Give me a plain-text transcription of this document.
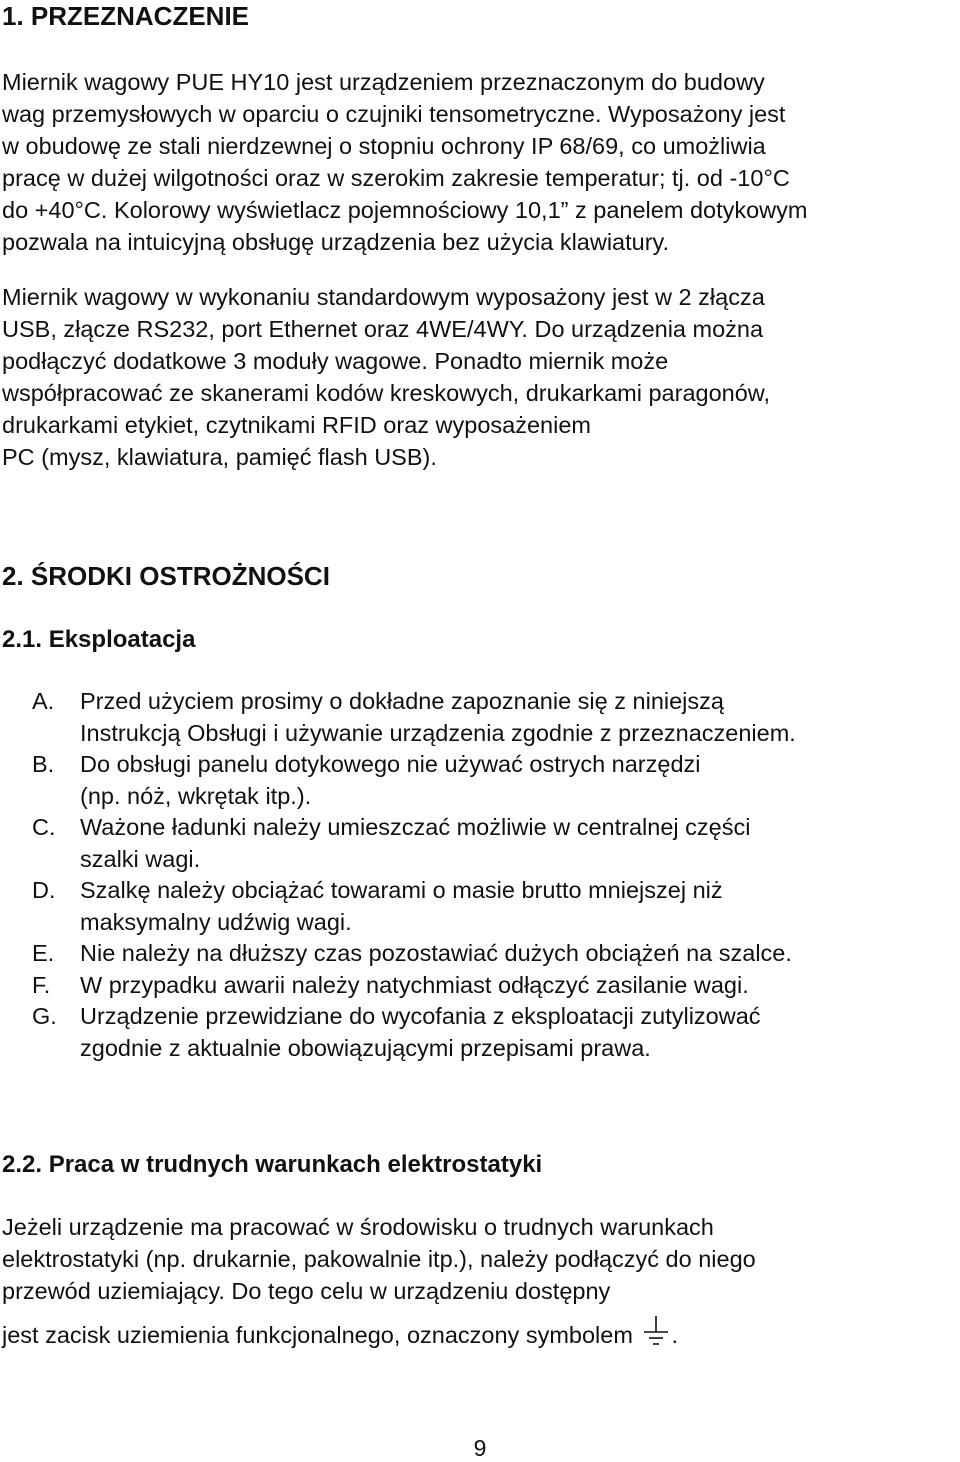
1. PRZEZNACZENIE
Miernik wagowy PUE HY10 jest urządzeniem przeznaczonym do budowy
wag przemysłowych w oparciu o czujniki tensometryczne. Wyposażony jest
w obudowę ze stali nierdzewnej o stopniu ochrony IP 68/69, co umożliwia
pracę w dużej wilgotności oraz w szerokim zakresie temperatur; tj. od -10°C
do +40°C. Kolorowy wyświetlacz pojemnościowy 10,1” z panelem dotykowym
pozwala na intuicyjną obsługę urządzenia bez użycia klawiatury.
Miernik wagowy w wykonaniu standardowym wyposażony jest w 2 złącza
USB, złącze RS232, port Ethernet oraz 4WE/4WY. Do urządzenia można
podłączyć dodatkowe 3 moduły wagowe. Ponadto miernik może
współpracować ze skanerami kodów kreskowych, drukarkami paragonów,
drukarkami etykiet, czytnikami RFID oraz wyposażeniem
PC (mysz, klawiatura, pamięć flash USB).
2. ŚRODKI OSTROŻNOŚCI
2.1. Eksploatacja
A.	Przed użyciem prosimy o dokładne zapoznanie się z niniejszą
Instrukcją Obsługi i używanie urządzenia zgodnie z przeznaczeniem.
B.	Do obsługi panelu dotykowego nie używać ostrych narzędzi
(np. nóż, wkrętak itp.).
C.	Ważone ładunki należy umieszczać możliwie w centralnej części
szalki wagi.
D.	Szalkę należy obciążać towarami o masie brutto mniejszej niż
maksymalny udźwig wagi.
E.	Nie należy na dłuższy czas pozostawiać dużych obciążeń na szalce.
F.	W przypadku awarii należy natychmiast odłączyć zasilanie wagi.
G. Urządzenie przewidziane do wycofania z eksploatacji zutylizować
zgodnie z aktualnie obowiązującymi przepisami prawa.
2.2. Praca w trudnych warunkach elektrostatyki
Jeżeli urządzenie ma pracować w środowisku o trudnych warunkach
elektrostatyki (np. drukarnie, pakowalnie itp.), należy podłączyć do niego
przewód uziemiający. Do tego celu w urządzeniu dostępny
jest zacisk uziemienia funkcjonalnego, oznaczony symbolem .
9
